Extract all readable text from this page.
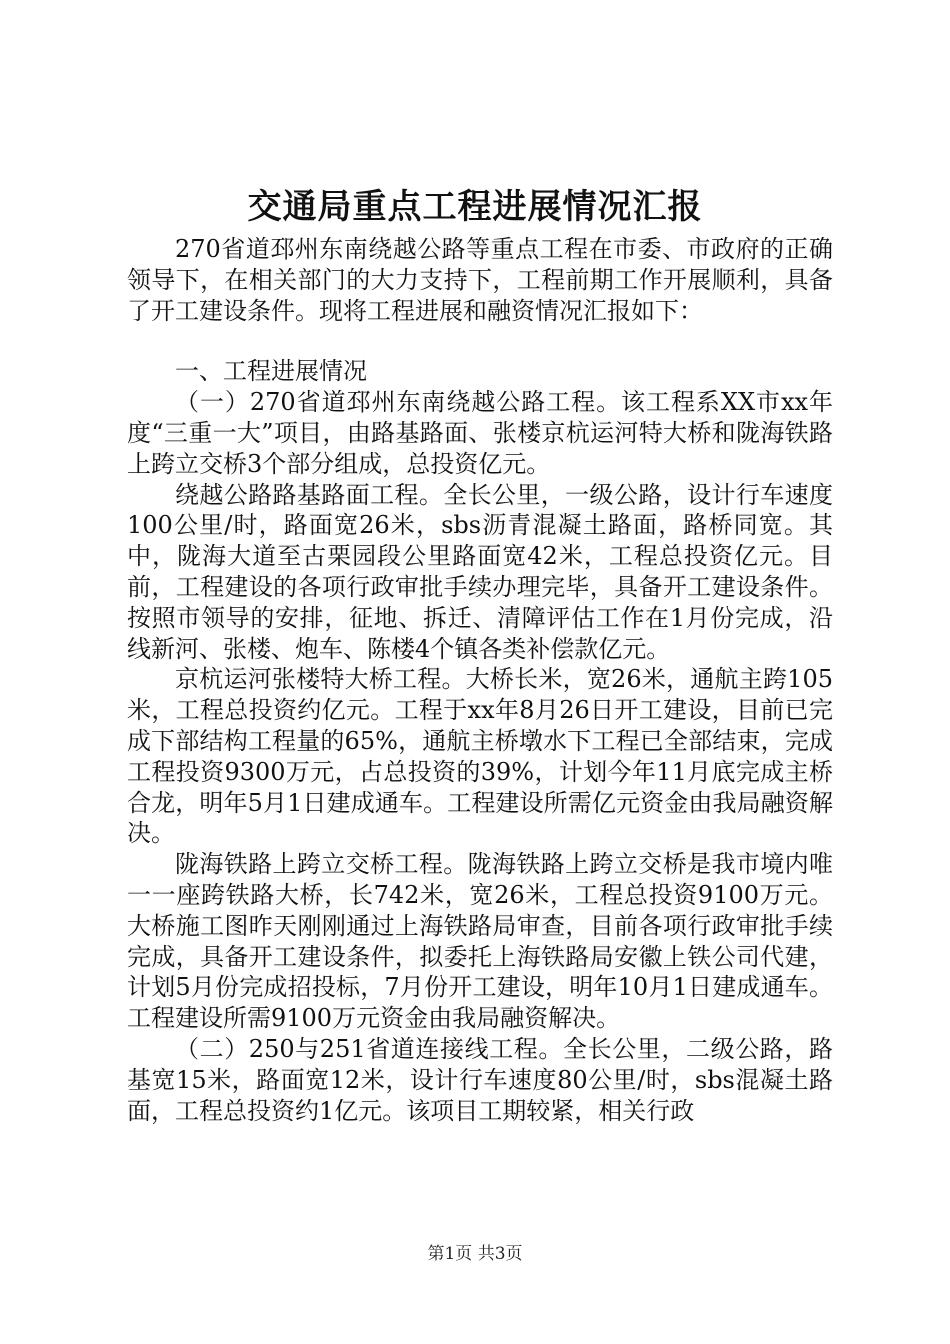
交通局重点工程进展情况汇报

270省道邳州东南绕越公路等重点工程在市委、市政府的正确领导下，在相关部门的大力支持下，工程前期工作开展顺利，具备了开工建设条件。现将工程进展和融资情况汇报如下：

一、工程进展情况

（一）270省道邳州东南绕越公路工程。该工程系XX市xx年度“三重一大”项目，由路基路面、张楼京杭运河特大桥和陇海铁路上跨立交桥3个部分组成，总投资亿元。

绕越公路路基路面工程。全长公里，一级公路，设计行车速度100公里/时，路面宽26米，sbs沥青混凝土路面，路桥同宽。其中，陇海大道至古栗园段公里路面宽42米，工程总投资亿元。目前，工程建设的各项行政审批手续办理完毕，具备开工建设条件。按照市领导的安排，征地、拆迁、清障评估工作在1月份完成，沿线新河、张楼、炮车、陈楼4个镇各类补偿款亿元。

京杭运河张楼特大桥工程。大桥长米，宽26米，通航主跨105米，工程总投资约亿元。工程于xx年8月26日开工建设，目前已完成下部结构工程量的65%，通航主桥墩水下工程已全部结束，完成工程投资9300万元，占总投资的39%，计划今年11月底完成主桥合龙，明年5月1日建成通车。工程建设所需亿元资金由我局融资解决。

陇海铁路上跨立交桥工程。陇海铁路上跨立交桥是我市境内唯一一座跨铁路大桥，长742米，宽26米，工程总投资9100万元。大桥施工图昨天刚刚通过上海铁路局审查，目前各项行政审批手续完成，具备开工建设条件，拟委托上海铁路局安徽上铁公司代建，计划5月份完成招投标，7月份开工建设，明年10月1日建成通车。工程建设所需9100万元资金由我局融资解决。

（二）250与251省道连接线工程。全长公里，二级公路，路基宽15米，路面宽12米，设计行车速度80公里/时，sbs混凝土路面，工程总投资约1亿元。该项目工期较紧，相关行政

第1页 共3页
